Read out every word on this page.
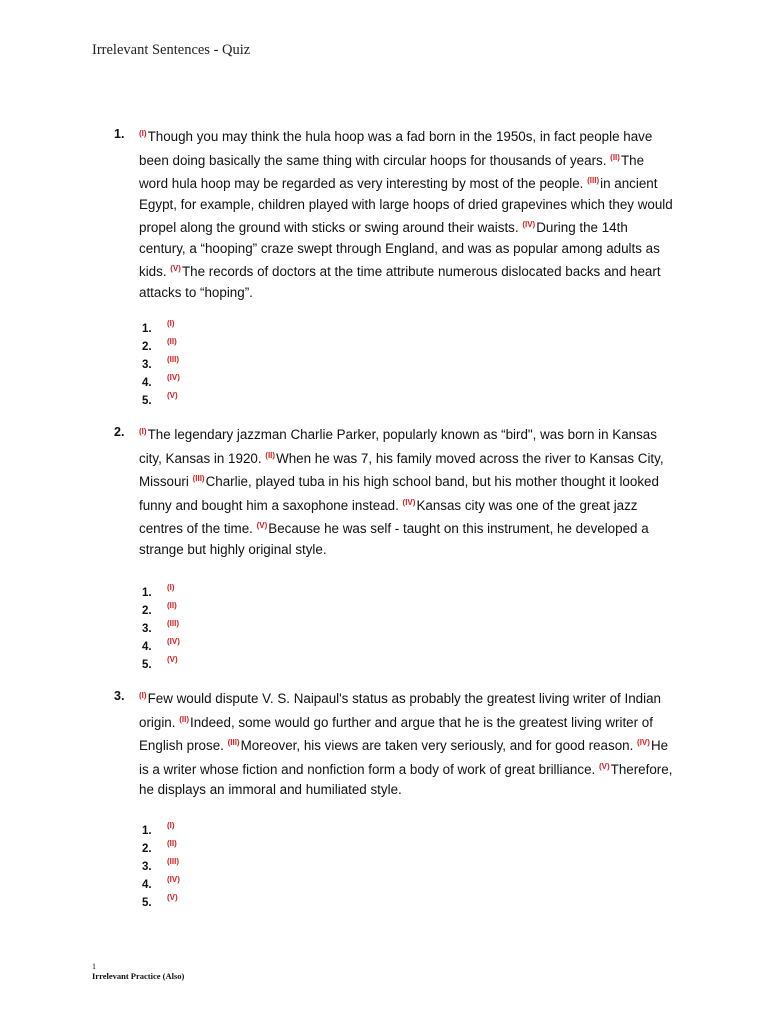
Irrelevant Sentences - Quiz
1. $^{(I)}$Though you may think the hula hoop was a fad born in the 1950s, in fact people have been doing basically the same thing with circular hoops for thousands of years. $^{(II)}$The word hula hoop may be regarded as very interesting by most of the people. $^{(III)}$in ancient Egypt, for example, children played with large hoops of dried grapevines which they would propel along the ground with sticks or swing around their waists. $^{(IV)}$During the 14th century, a “hooping” craze swept through England, and was as popular among adults as kids. $^{(V)}$The records of doctors at the time attribute numerous dislocated backs and heart attacks to “hoping”.
1. (I)
2. (II)
3. (III)
4. (IV)
5. (V)
2. $^{(I)}$The legendary jazzman Charlie Parker, popularly known as “bird", was born in Kansas city, Kansas in 1920. $^{(II)}$When he was 7, his family moved across the river to Kansas City, Missouri $^{(III)}$Charlie, played tuba in his high school band, but his mother thought it looked funny and bought him a saxophone instead. $^{(IV)}$Kansas city was one of the great jazz centres of the time. $^{(V)}$Because he was self - taught on this instrument, he developed a strange but highly original style.
1. (I)
2. (II)
3. (III)
4. (IV)
5. (V)
3. $^{(I)}$Few would dispute V. S. Naipaul's status as probably the greatest living writer of Indian origin. $^{(II)}$Indeed, some would go further and argue that he is the greatest living writer of English prose. $^{(III)}$Moreover, his views are taken very seriously, and for good reason. $^{(IV)}$He is a writer whose fiction and nonfiction form a body of work of great brilliance. $^{(V)}$Therefore, he displays an immoral and humiliated style.
1. (I)
2. (II)
3. (III)
4. (IV)
5. (V)
1
Irrelevant Practice (Also)
